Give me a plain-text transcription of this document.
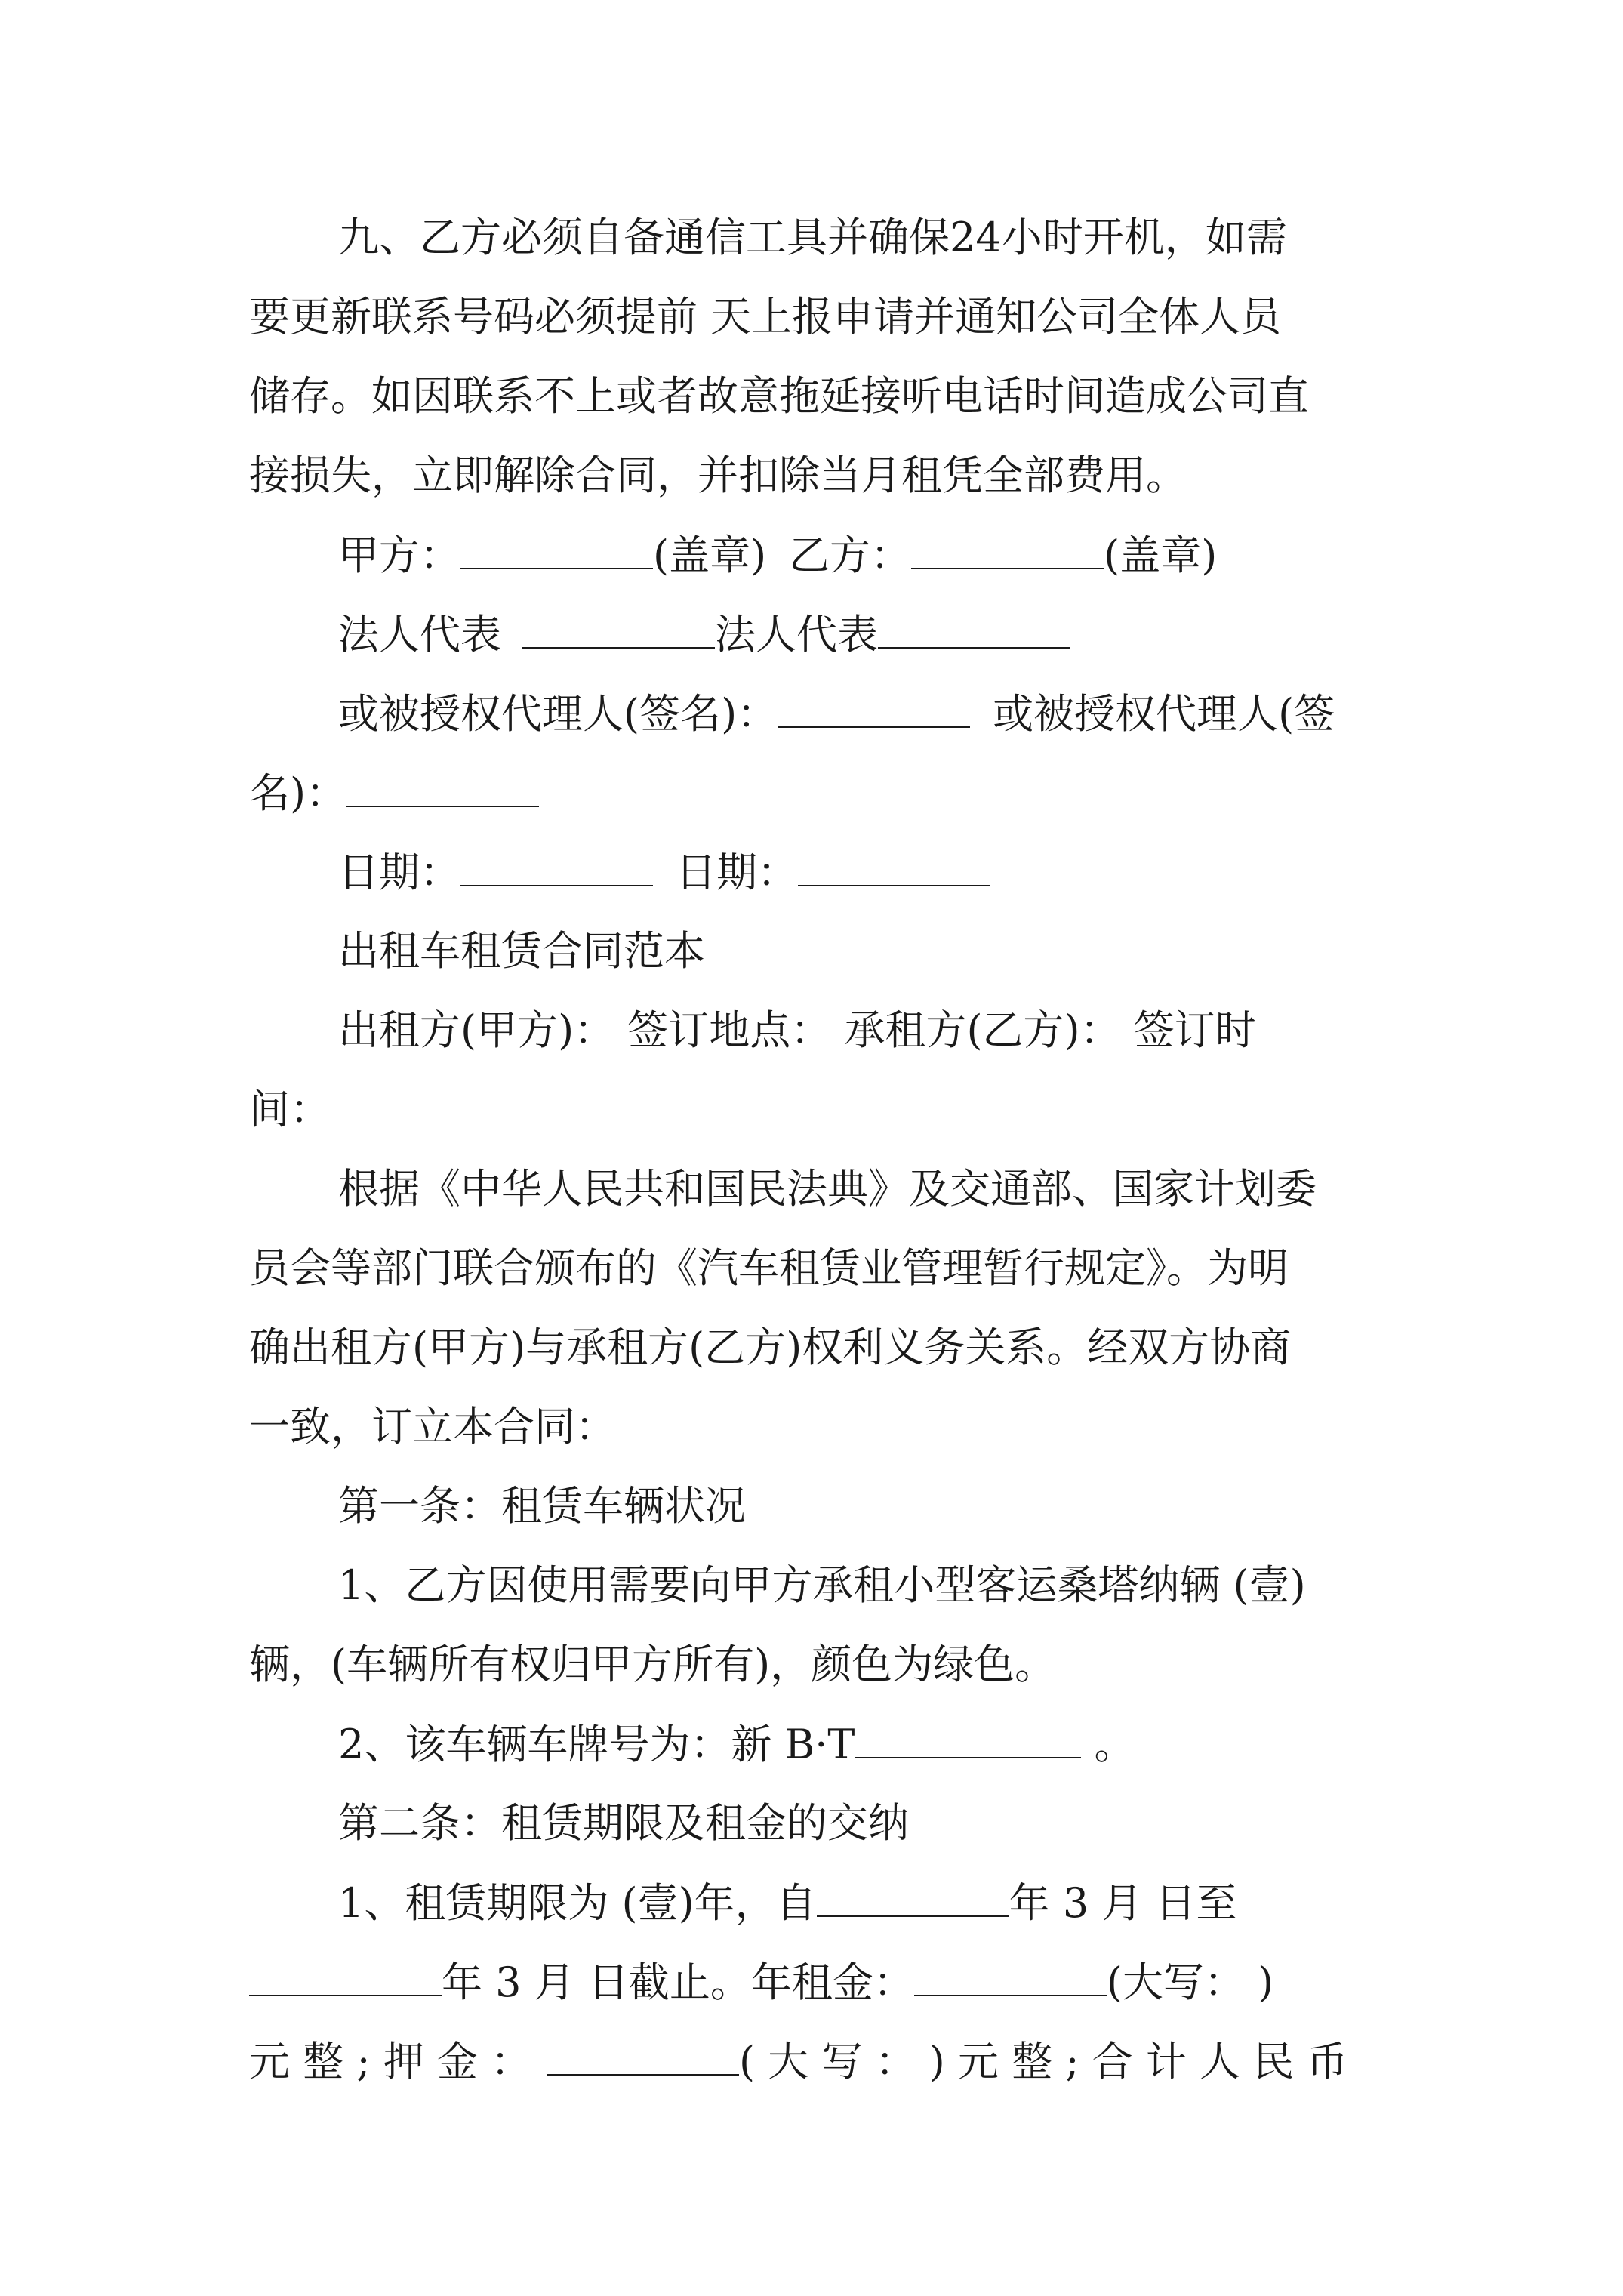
九、乙方必须自备通信工具并确保24小时开机，如需
要更新联系号码必须提前 天上报申请并通知公司全体人员
储存。如因联系不上或者故意拖延接听电话时间造成公司直
接损失，立即解除合同，并扣除当月租凭全部费用。
甲方：	(盖章) 乙方：	(盖章)
法人代表	法人代表
或被授权代理人(签名)：	或被授权代理人(签
名)：
日期：	日期：
出租车租赁合同范本
出租方(甲方)： 签订地点： 承租方(乙方)： 签订时
间：
根据《中华人民共和国民法典》及交通部、国家计划委
员会等部门联合颁布的《汽车租赁业管理暂行规定》。为明
确出租方(甲方)与承租方(乙方)权利义务关系。经双方协商
一致，订立本合同：
第一条：租赁车辆状况
1、乙方因使用需要向甲方承租小型客运桑塔纳辆 (壹)
辆，(车辆所有权归甲方所有)，颜色为绿色。
2、该车辆车牌号为：新 B·T	。
第二条：租赁期限及租金的交纳
1、租赁期限为 (壹)年，自	年 3 月 日至
年 3 月 日截止。年租金：	(大写： )
元 整 ; 押 金 ：	( 大 写 ： ) 元 整 ; 合 计 人 民 币
